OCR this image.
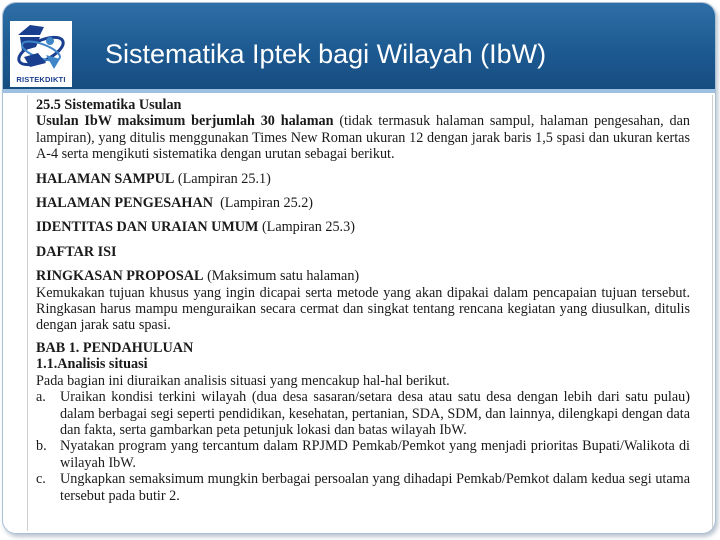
RISTEKDIKTI
Sistematika Iptek bagi Wilayah (IbW)

25.5 Sistematika Usulan

Usulan IbW maksimum berjumlah 30 halaman (tidak termasuk halaman sampul, halaman pengesahan, dan lampiran), yang ditulis menggunakan Times New Roman ukuran 12 dengan jarak baris 1,5 spasi dan ukuran kertas A-4 serta mengikuti sistematika dengan urutan sebagai berikut.

HALAMAN SAMPUL (Lampiran 25.1)

HALAMAN PENGESAHAN  (Lampiran 25.2)

IDENTITAS DAN URAIAN UMUM (Lampiran 25.3)

DAFTAR ISI

RINGKASAN PROPOSAL (Maksimum satu halaman)

Kemukakan tujuan khusus yang ingin dicapai serta metode yang akan dipakai dalam pencapaian tujuan tersebut. Ringkasan harus mampu menguraikan secara cermat dan singkat tentang rencana kegiatan yang diusulkan, ditulis dengan jarak satu spasi.

BAB 1. PENDAHULUAN

1.1.Analisis situasi

Pada bagian ini diuraikan analisis situasi yang mencakup hal-hal berikut.

a. Uraikan kondisi terkini wilayah (dua desa sasaran/setara desa atau satu desa dengan lebih dari satu pulau) dalam berbagai segi seperti pendidikan, kesehatan, pertanian, SDA, SDM, dan lainnya, dilengkapi dengan data dan fakta, serta gambarkan peta petunjuk lokasi dan batas wilayah IbW.
b. Nyatakan program yang tercantum dalam RPJMD Pemkab/Pemkot yang menjadi prioritas Bupati/Walikota di wilayah IbW.
c. Ungkapkan semaksimum mungkin berbagai persoalan yang dihadapi Pemkab/Pemkot dalam kedua segi utama tersebut pada butir 2.
